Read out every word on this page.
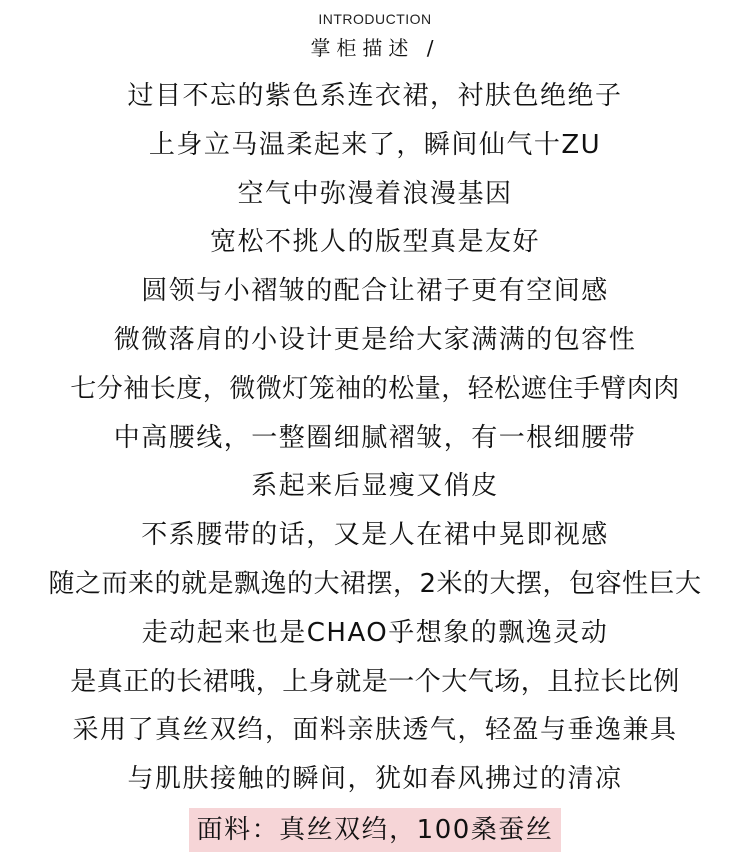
INTRODUCTION
掌柜描述 /
过目不忘的紫色系连衣裙，衬肤色绝绝子
上身立马温柔起来了，瞬间仙气十ZU
空气中弥漫着浪漫基因
宽松不挑人的版型真是友好
圆领与小褶皱的配合让裙子更有空间感
微微落肩的小设计更是给大家满满的包容性
七分袖长度，微微灯笼袖的松量，轻松遮住手臂肉肉
中高腰线，一整圈细腻褶皱，有一根细腰带
系起来后显瘦又俏皮
不系腰带的话，又是人在裙中晃即视感
随之而来的就是飘逸的大裙摆，2米的大摆，包容性巨大
走动起来也是CHAO乎想象的飘逸灵动
是真正的长裙哦，上身就是一个大气场，且拉长比例
采用了真丝双绉，面料亲肤透气，轻盈与垂逸兼具
与肌肤接触的瞬间，犹如春风拂过的清凉
面料：真丝双绉，100桑蚕丝
